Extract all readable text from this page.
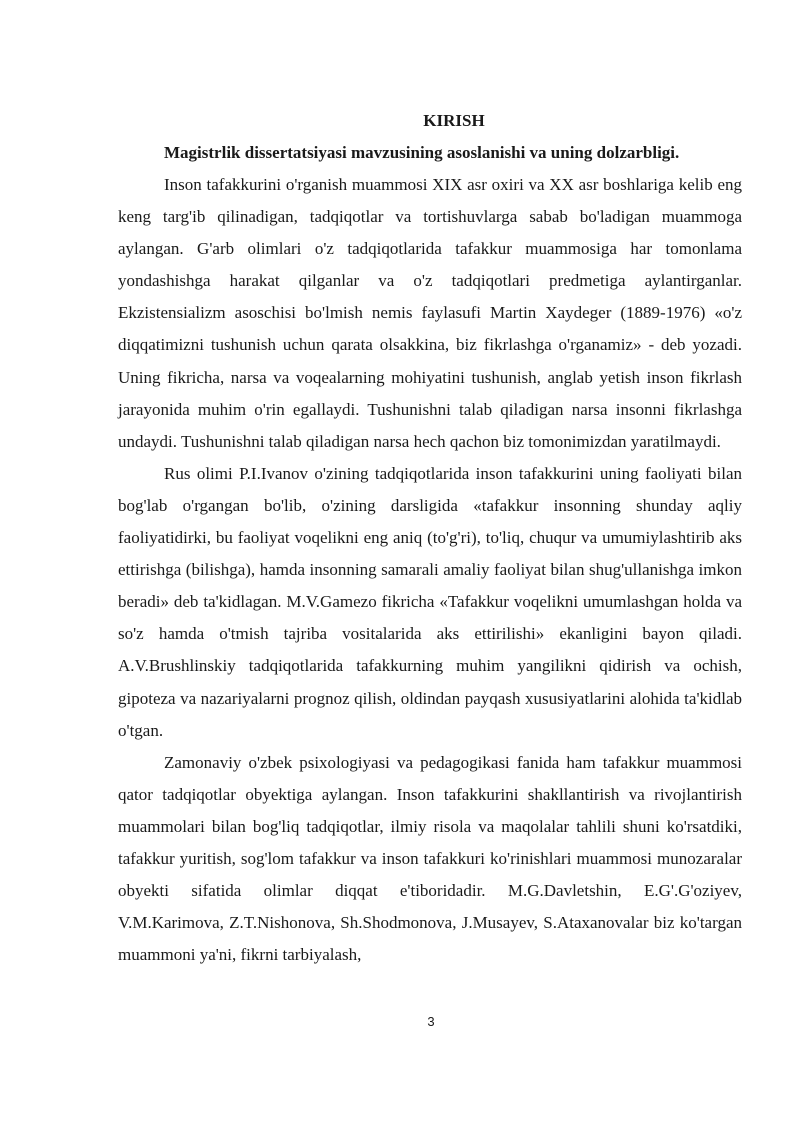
KIRISH

Magistrlik dissertatsiyasi mavzusining asoslanishi va uning dolzarbligi.

Inson tafakkurini o'rganish muammosi XIX asr oxiri va XX asr boshlariga kelib eng keng targ'ib qilinadigan, tadqiqotlar va tortishuvlarga sabab bo'ladigan muammoga aylangan. G'arb olimlari o'z tadqiqotlarida tafakkur muammosiga har tomonlama yondashishga harakat qilganlar va o'z tadqiqotlari predmetiga aylantirganlar. Ekzistensializm asoschisi bo'lmish nemis faylasufi Martin Xaydeger (1889-1976) «o'z diqqatimizni tushunish uchun qarata olsakkina, biz fikrlashga o'rganamiz» - deb yozadi. Uning fikricha, narsa va voqealarning mohiyatini tushunish, anglab yetish inson fikrlash jarayonida muhim o'rin egallaydi. Tushunishni talab qiladigan narsa insonni fikrlashga undaydi. Tushunishni talab qiladigan narsa hech qachon biz tomonimizdan yaratilmaydi.

Rus olimi P.I.Ivanov o'zining tadqiqotlarida inson tafakkurini uning faoliyati bilan bog'lab o'rgangan bo'lib, o'zining darsligida «tafakkur insonning shunday aqliy faoliyatidirki, bu faoliyat voqelikni eng aniq (to'g'ri), to'liq, chuqur va umumiylashtirib aks ettirishga (bilishga), hamda insonning samarali amaliy faoliyat bilan shug'ullanishga imkon beradi» deb ta'kidlagan. M.V.Gamezo fikricha «Tafakkur voqelikni umumlashgan holda va so'z hamda o'tmish tajriba vositalarida aks ettirilishi» ekanligini bayon qiladi. A.V.Brushlinskiy tadqiqotlarida tafakkurning muhim yangilikni qidirish va ochish, gipoteza va nazariyalarni prognoz qilish, oldindan payqash xususiyatlarini alohida ta'kidlab o'tgan.

Zamonaviy o'zbek psixologiyasi va pedagogikasi fanida ham tafakkur muammosi qator tadqiqotlar obyektiga aylangan. Inson tafakkurini shakllantirish va rivojlantirish muammolari bilan bog'liq tadqiqotlar, ilmiy risola va maqolalar tahlili shuni ko'rsatdiki, tafakkur yuritish, sog'lom tafakkur va inson tafakkuri ko'rinishlari muammosi munozaralar obyekti sifatida olimlar diqqat e'tiboridadir. M.G.Davletshin, E.G'.G'oziyev, V.M.Karimova, Z.T.Nishonova, Sh.Shodmonova, J.Musayev, S.Ataxanovalar biz ko'targan muammoni ya'ni, fikrni tarbiyalash,

3
